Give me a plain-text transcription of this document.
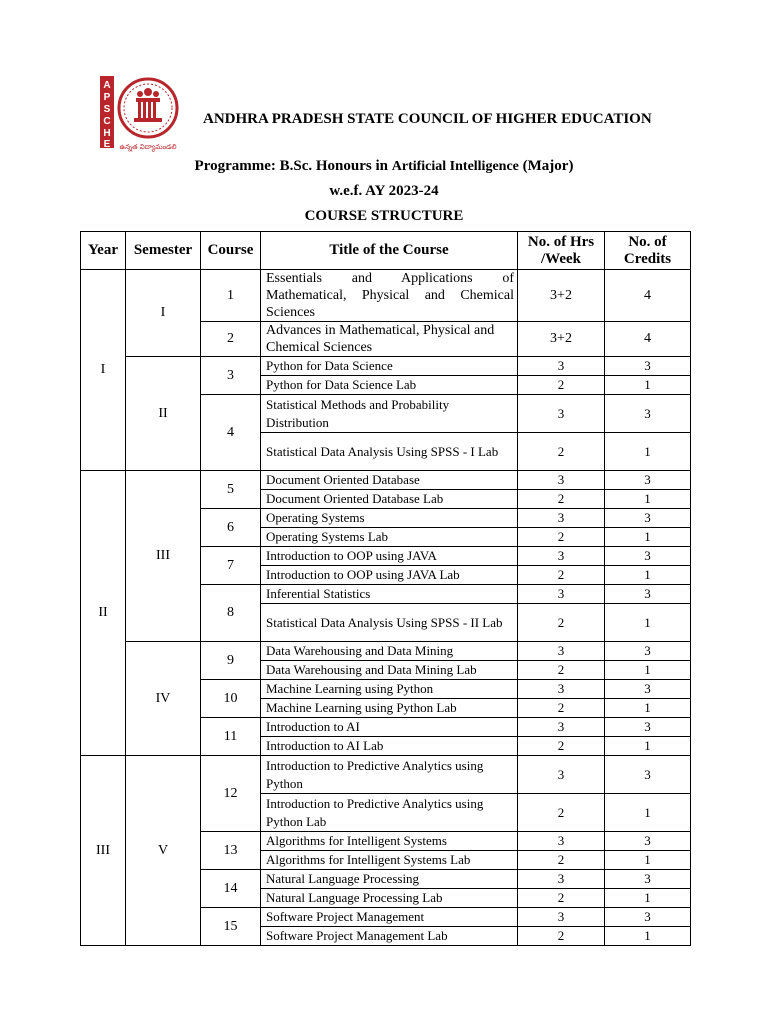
A
P
S
C
H
E ఉన్నత విద్యామండలి
ANDHRA PRADESH STATE COUNCIL OF HIGHER EDUCATION
Programme: B.Sc. Honours in Artificial Intelligence (Major)
w.e.f. AY 2023-24
COURSE STRUCTURE
Year	Semester	Course	Title of the Course	No. of Hrs /Week	No. of Credits
I	I	1	Essentials and Applications of Mathematical, Physical and Chemical Sciences	3+2	4
		2	Advances in Mathematical, Physical and Chemical Sciences	3+2	4
	II	3	Python for Data Science	3	3
			Python for Data Science Lab	2	1
		4	Statistical Methods and Probability Distribution	3	3
			Statistical Data Analysis Using SPSS - I Lab	2	1
II	III	5	Document Oriented Database	3	3
			Document Oriented Database Lab	2	1
		6	Operating Systems	3	3
			Operating Systems Lab	2	1
		7	Introduction to OOP using JAVA	3	3
			Introduction to OOP using JAVA Lab	2	1
		8	Inferential Statistics	3	3
			Statistical Data Analysis Using SPSS - II Lab	2	1
	IV	9	Data Warehousing and Data Mining	3	3
			Data Warehousing and Data Mining Lab	2	1
		10	Machine Learning using Python	3	3
			Machine Learning using Python Lab	2	1
		11	Introduction to AI	3	3
			Introduction to AI Lab	2	1
III	V	12	Introduction to Predictive Analytics using Python	3	3
			Introduction to Predictive Analytics using Python Lab	2	1
		13	Algorithms for Intelligent Systems	3	3
			Algorithms for Intelligent Systems Lab	2	1
		14	Natural Language Processing	3	3
			Natural Language Processing Lab	2	1
		15	Software Project Management	3	3
			Software Project Management Lab	2	1
